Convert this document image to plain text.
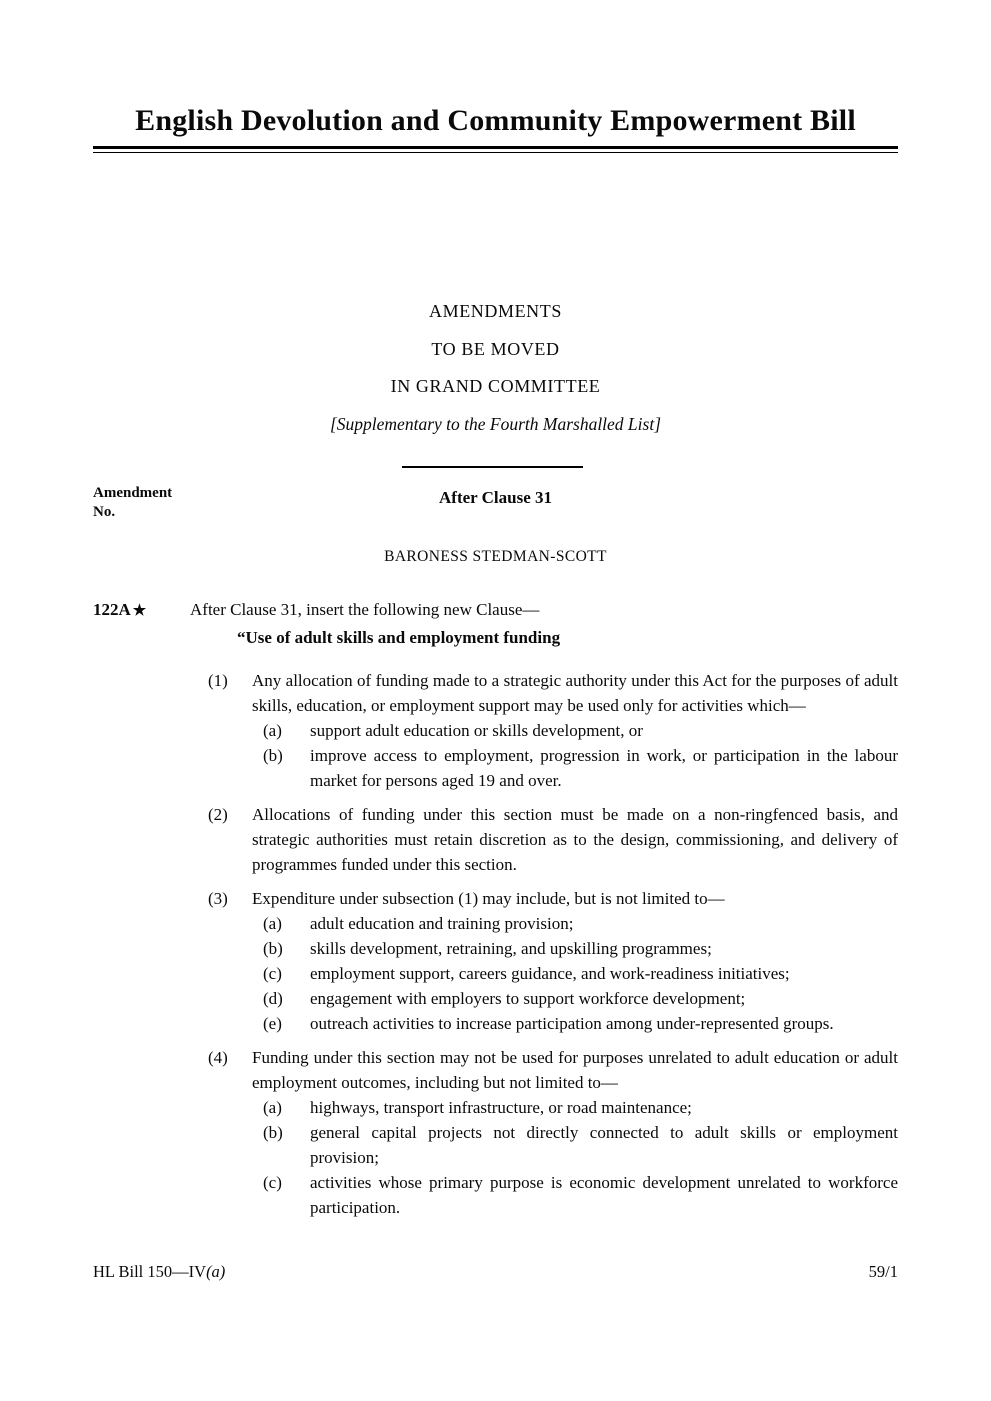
English Devolution and Community Empowerment Bill
AMENDMENTS
TO BE MOVED
IN GRAND COMMITTEE
[Supplementary to the Fourth Marshalled List]
Amendment
No.
After Clause 31
BARONESS STEDMAN-SCOTT
122A ★	After Clause 31, insert the following new Clause—
“Use of adult skills and employment funding
(1) Any allocation of funding made to a strategic authority under this Act for the purposes of adult skills, education, or employment support may be used only for activities which—

(a) support adult education or skills development, or

(b) improve access to employment, progression in work, or participation in the labour market for persons aged 19 and over.

(2) Allocations of funding under this section must be made on a non-ringfenced basis, and strategic authorities must retain discretion as to the design, commissioning, and delivery of programmes funded under this section.

(3) Expenditure under subsection (1) may include, but is not limited to—

(a) adult education and training provision;

(b) skills development, retraining, and upskilling programmes;

(c) employment support, careers guidance, and work-readiness initiatives;

(d) engagement with employers to support workforce development;

(e) outreach activities to increase participation among under-represented groups.

(4) Funding under this section may not be used for purposes unrelated to adult education or adult employment outcomes, including but not limited to—

(a) highways, transport infrastructure, or road maintenance;

(b) general capital projects not directly connected to adult skills or employment provision;

(c) activities whose primary purpose is economic development unrelated to workforce participation.

HL Bill 150—IV(a)	59/1
